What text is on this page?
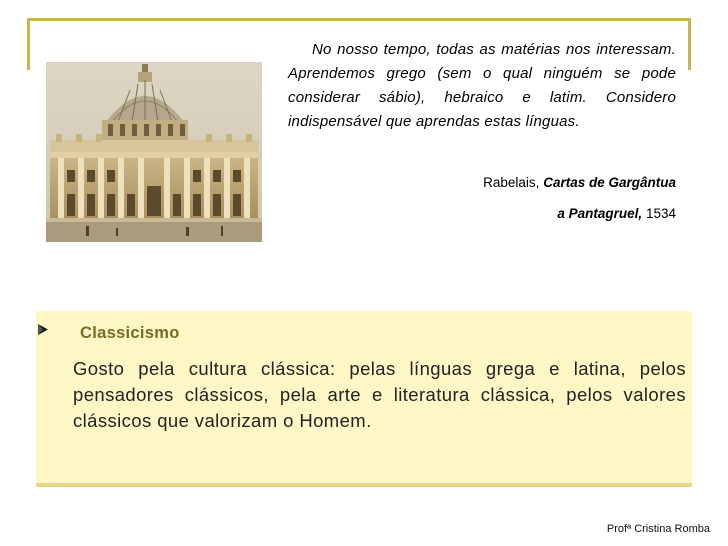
No nosso tempo, todas as matérias nos interessam. Aprendemos grego (sem o qual ninguém se pode considerar sábio), hebraico e latim. Considero indispensável que aprendas estas línguas.
Rabelais, Cartas de Gargântua
a Pantagruel, 1534
Classicismo
Gosto pela cultura clássica: pelas línguas grega e latina, pelos pensadores clássicos, pela arte e literatura clássica, pelos valores clássicos que valorizam o Homem.
Profª Cristina Romba
